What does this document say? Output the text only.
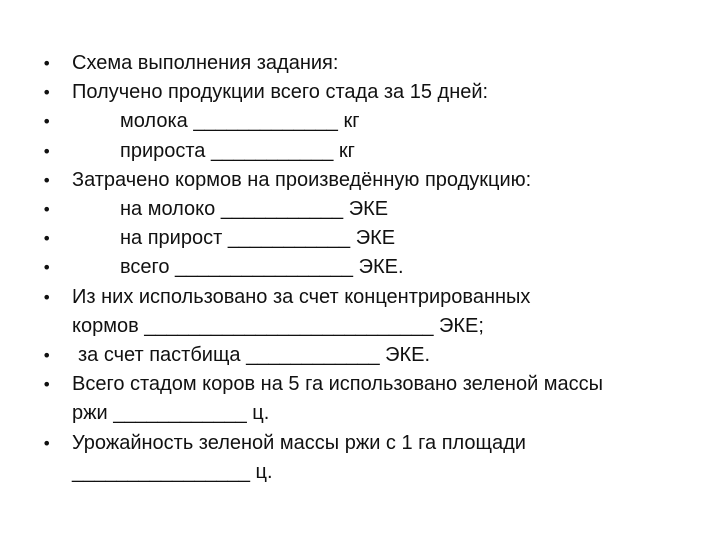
•	Схема выполнения задания:
•	Получено продукции всего стада за 15 дней:
•	молока _____________ кг
•	прироста ___________ кг
•	Затрачено кормов на произведённую продукцию:
•	на молоко ___________ ЭКЕ
•	на прирост ___________ ЭКЕ
•	всего ________________ ЭКЕ.
•	Из них использовано за счет концентрированных
кормов __________________________ ЭКЕ;
•	за счет пастбища ____________ ЭКЕ.
•	Всего стадом коров на 5 га использовано зеленой массы
ржи ____________ ц.
•	Урожайность зеленой массы ржи с 1 га площади
________________ ц.
